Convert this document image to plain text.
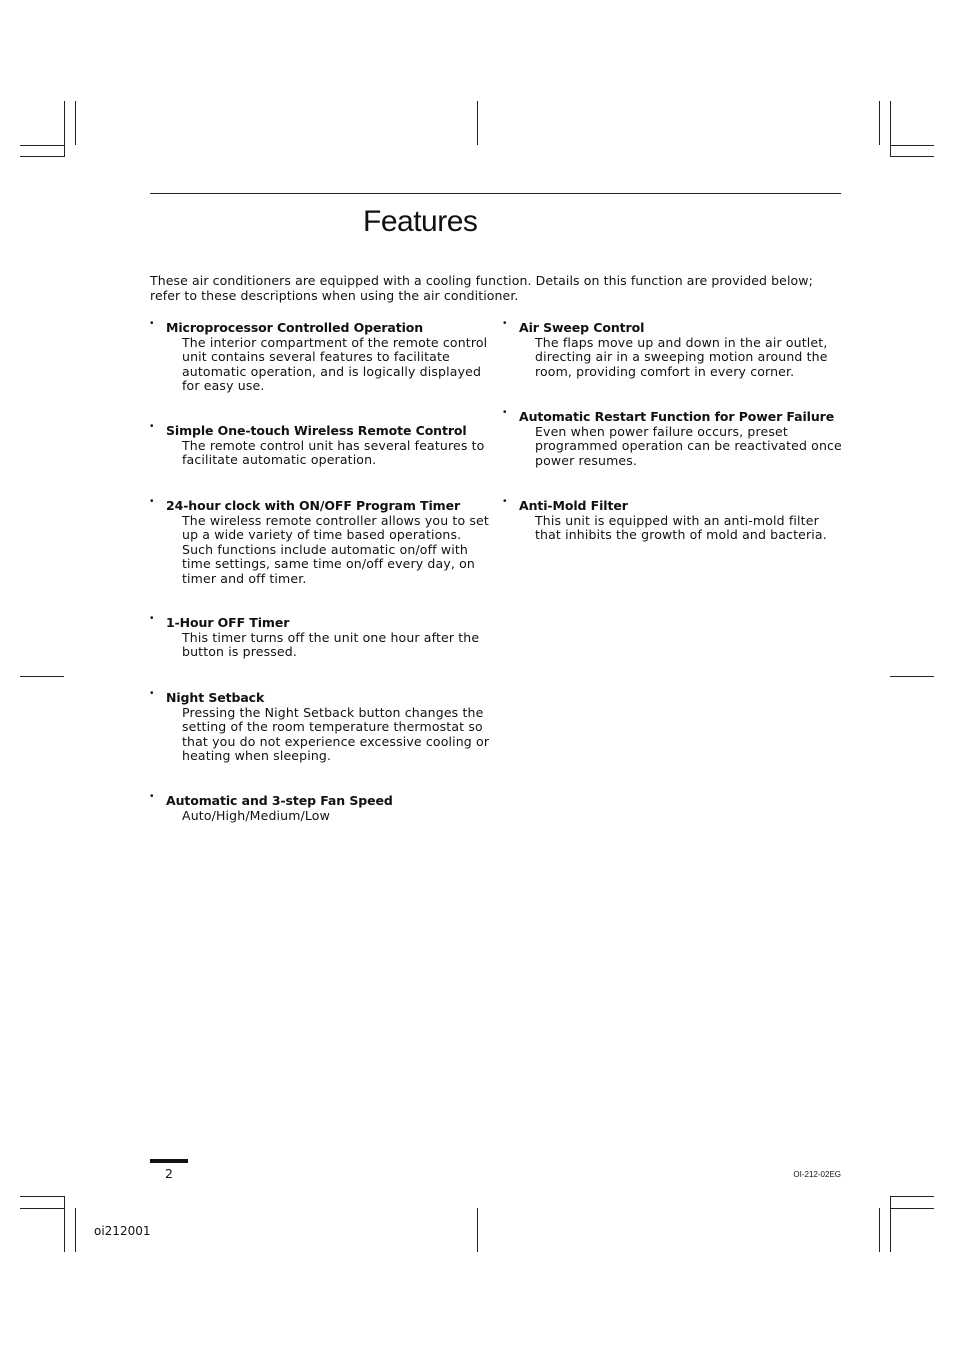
Features

These air conditioners are equipped with a cooling function. Details on this function are provided below; refer to these descriptions when using the air conditioner.

• Microprocessor Controlled Operation

The interior compartment of the remote control
unit contains several features to facilitate
automatic operation, and is logically displayed
for easy use.

• Simple One-touch Wireless Remote Control

The remote control unit has several features to
facilitate automatic operation.

• 24-hour clock with ON/OFF Program Timer

The wireless remote controller allows you to set
up a wide variety of time based operations.
Such functions include automatic on/off with
time settings, same time on/off every day, on
timer and off timer.

• 1-Hour OFF Timer

This timer turns off the unit one hour after the
button is pressed.

• Night Setback

Pressing the Night Setback button changes the
setting of the room temperature thermostat so
that you do not experience excessive cooling or
heating when sleeping.

• Automatic and 3-step Fan Speed

Auto/High/Medium/Low

• Air Sweep Control

The flaps move up and down in the air outlet,
directing air in a sweeping motion around the
room, providing comfort in every corner.

• Automatic Restart Function for Power Failure

Even when power failure occurs, preset
programmed operation can be reactivated once
power resumes.

• Anti-Mold Filter

This unit is equipped with an anti-mold filter
that inhibits the growth of mold and bacteria.

2	OI-212-02EG
oi212001
